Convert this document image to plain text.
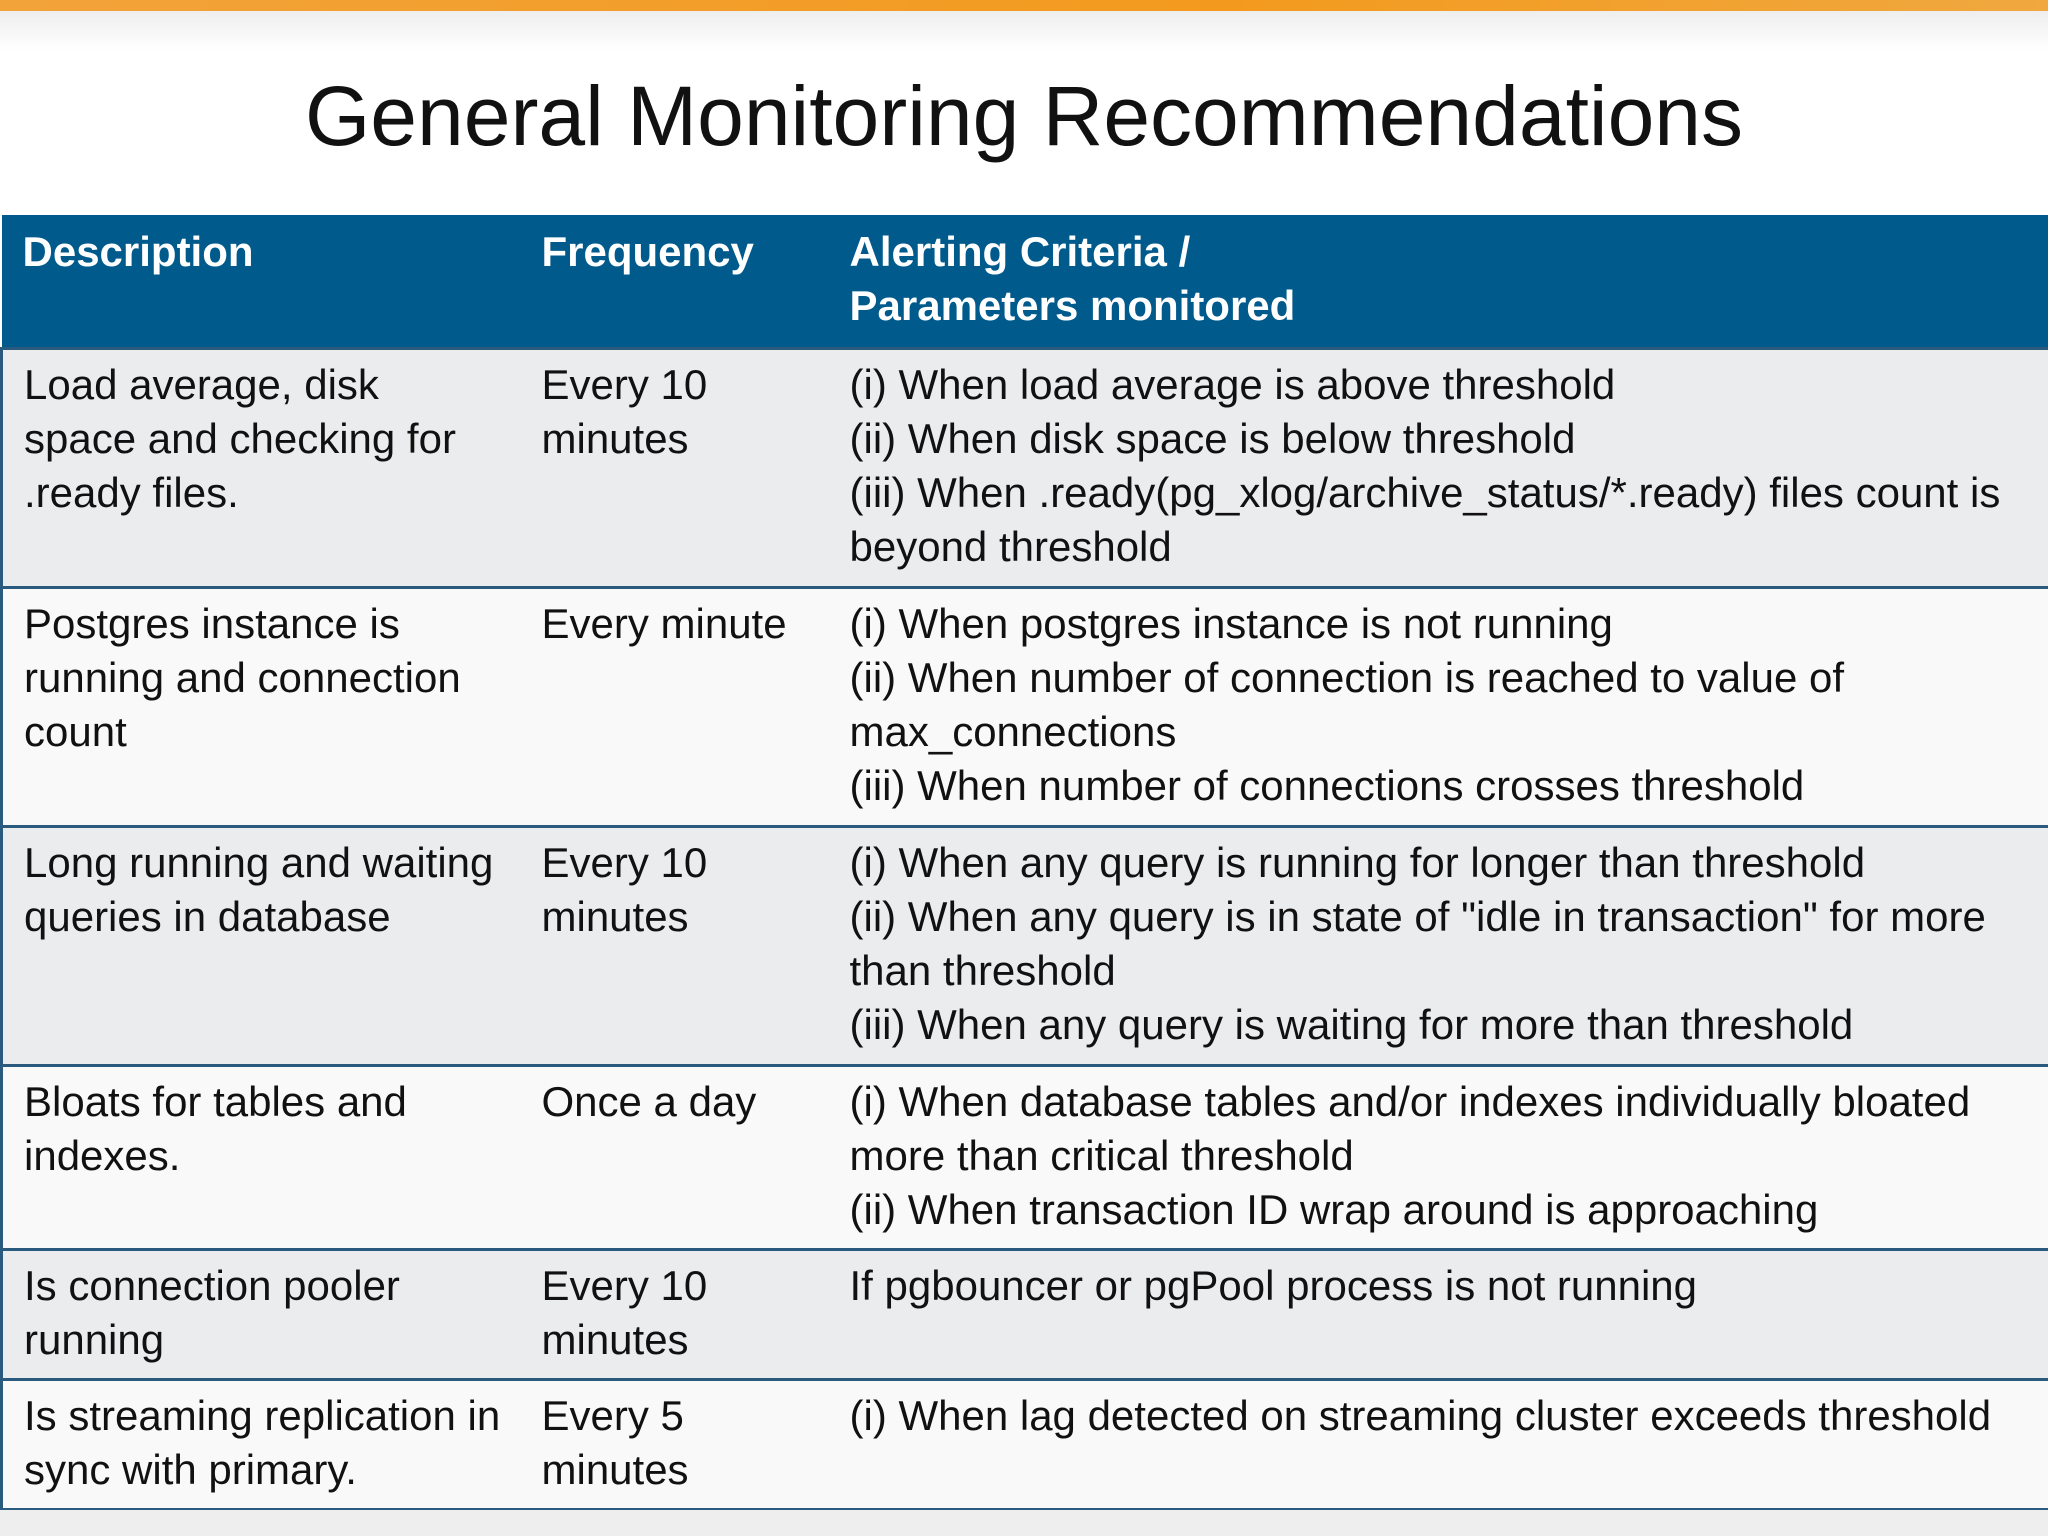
General Monitoring Recommendations
Description	Frequency	Alerting Criteria /
Parameters monitored

Load average, disk space and checking for .ready files.	Every 10 minutes	(i) When load average is above threshold
(ii) When disk space is below threshold
(iii) When .ready(pg_xlog/archive_status/*.ready) files count is beyond threshold

Postgres instance is running and connection count	Every minute	(i) When postgres instance is not running
(ii) When number of connection is reached to value of max_connections
(iii) When number of connections crosses threshold

Long running and waiting queries in database	Every 10 minutes	(i) When any query is running for longer than threshold
(ii) When any query is in state of "idle in transaction" for more than threshold
(iii) When any query is waiting for more than threshold

Bloats for tables and indexes.	Once a day	(i) When database tables and/or indexes individually bloated more than critical threshold
(ii) When transaction ID wrap around is approaching

Is connection pooler running	Every 10 minutes	If pgbouncer or pgPool process is not running

Is streaming replication in sync with primary.	Every 5 minutes	(i) When lag detected on streaming cluster exceeds threshold
